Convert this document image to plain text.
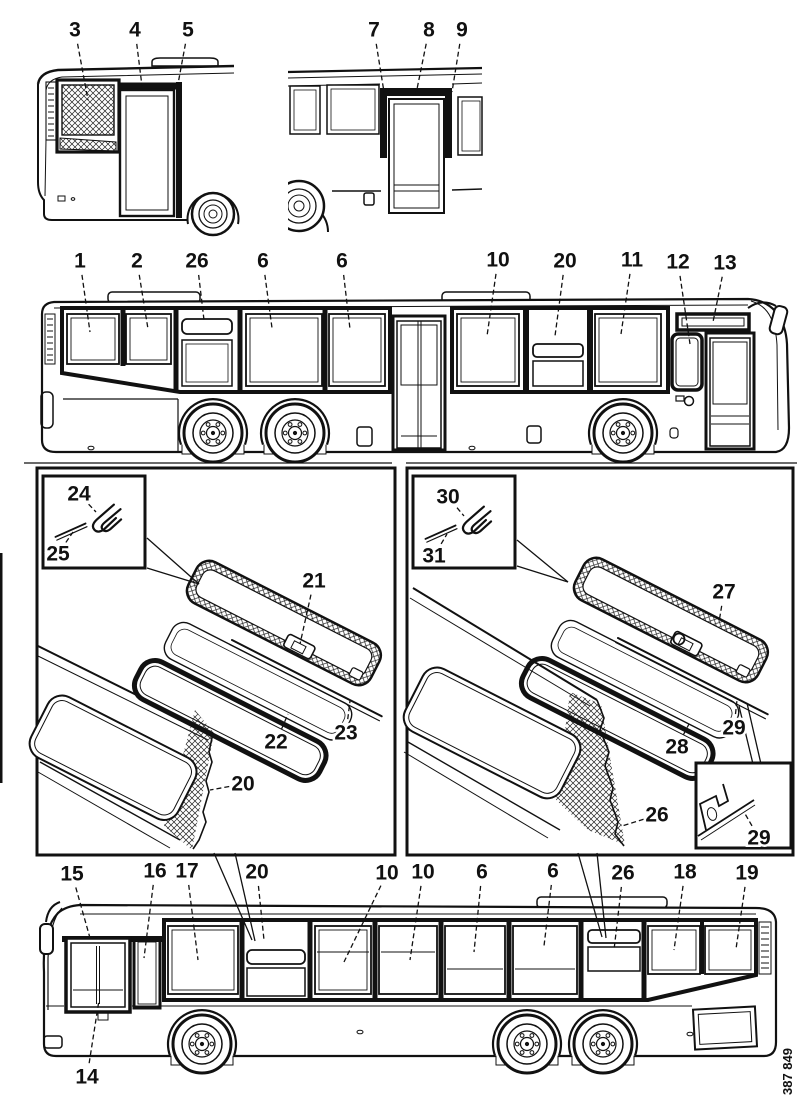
3 4 5	7 8 9
1 2 26 6	6	10 20 11 12 13
24
25
21
22 23
20
30
31
27
28
29
26
29
15	16 17 20	10 10 6	6 26 18 19
14	387 849
